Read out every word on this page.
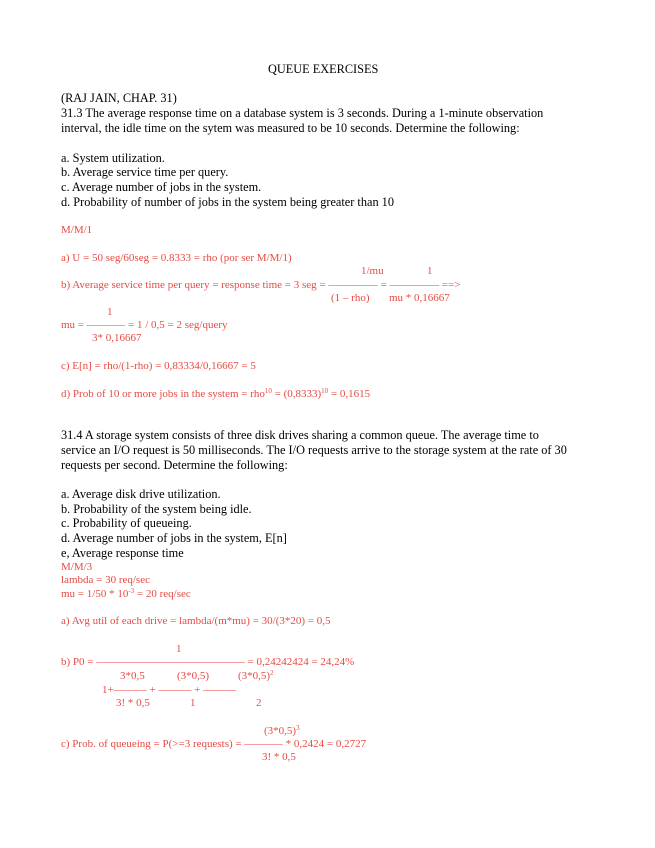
QUEUE EXERCISES
(RAJ JAIN, CHAP. 31)
31.3 The average response time on a database system is 3 seconds. During a 1-minute observation
interval, the idle time on the sytem was measured to be 10 seconds. Determine the following:
a. System utilization.
b. Average service time per query.
c. Average number of jobs in the system.
d. Probability of number of jobs in the system being greater than 10
M/M/1
a) U = 50 seg/60seg = 0.8333 = rho (por ser M/M/1)
1/mu	1
b) Average service time per query = response time = 3 seg = ––––––––– = ––––––––– ==>
(1 – rho) mu * 0,16667
1
mu = ––––––– = 1 / 0,5 = 2 seg/query
3* 0,16667
c) E[n] = rho/(1-rho) = 0,83334/0,16667 = 5
d) Prob of 10 or more jobs in the system = $rho^{10} = (0,8333)^{10} = 0,1615$
31.4 A storage system consists of three disk drives sharing a common queue. The average time to
service an I/O request is 50 milliseconds. The I/O requests arrive to the storage system at the rate of 30
requests per second. Determine the following:
a. Average disk drive utilization.
b. Probability of the system being idle.
c. Probability of queueing.
d. Average number of jobs in the system, E[n]
e, Average response time
M/M/3
lambda = 30 req/sec
mu = $1/50 * 10^{-3} = 20$ req/sec
a) Avg util of each drive = lambda/(m*mu) = 30/(3*20) = 0,5
1
b) P0 = ––––––––––––––––––––––––––– = 0,24242424 = 24,24%
3*0,5	(3*0,5)	$(3*0,5)^2$
1+–––––– + –––––– + ––––––
3! * 0,5	1	2
$(3*0,5)^3$
c) Prob. of queueing = P(>=3 requests) = ––––––– * 0,2424 = 0,2727
3! * 0,5
